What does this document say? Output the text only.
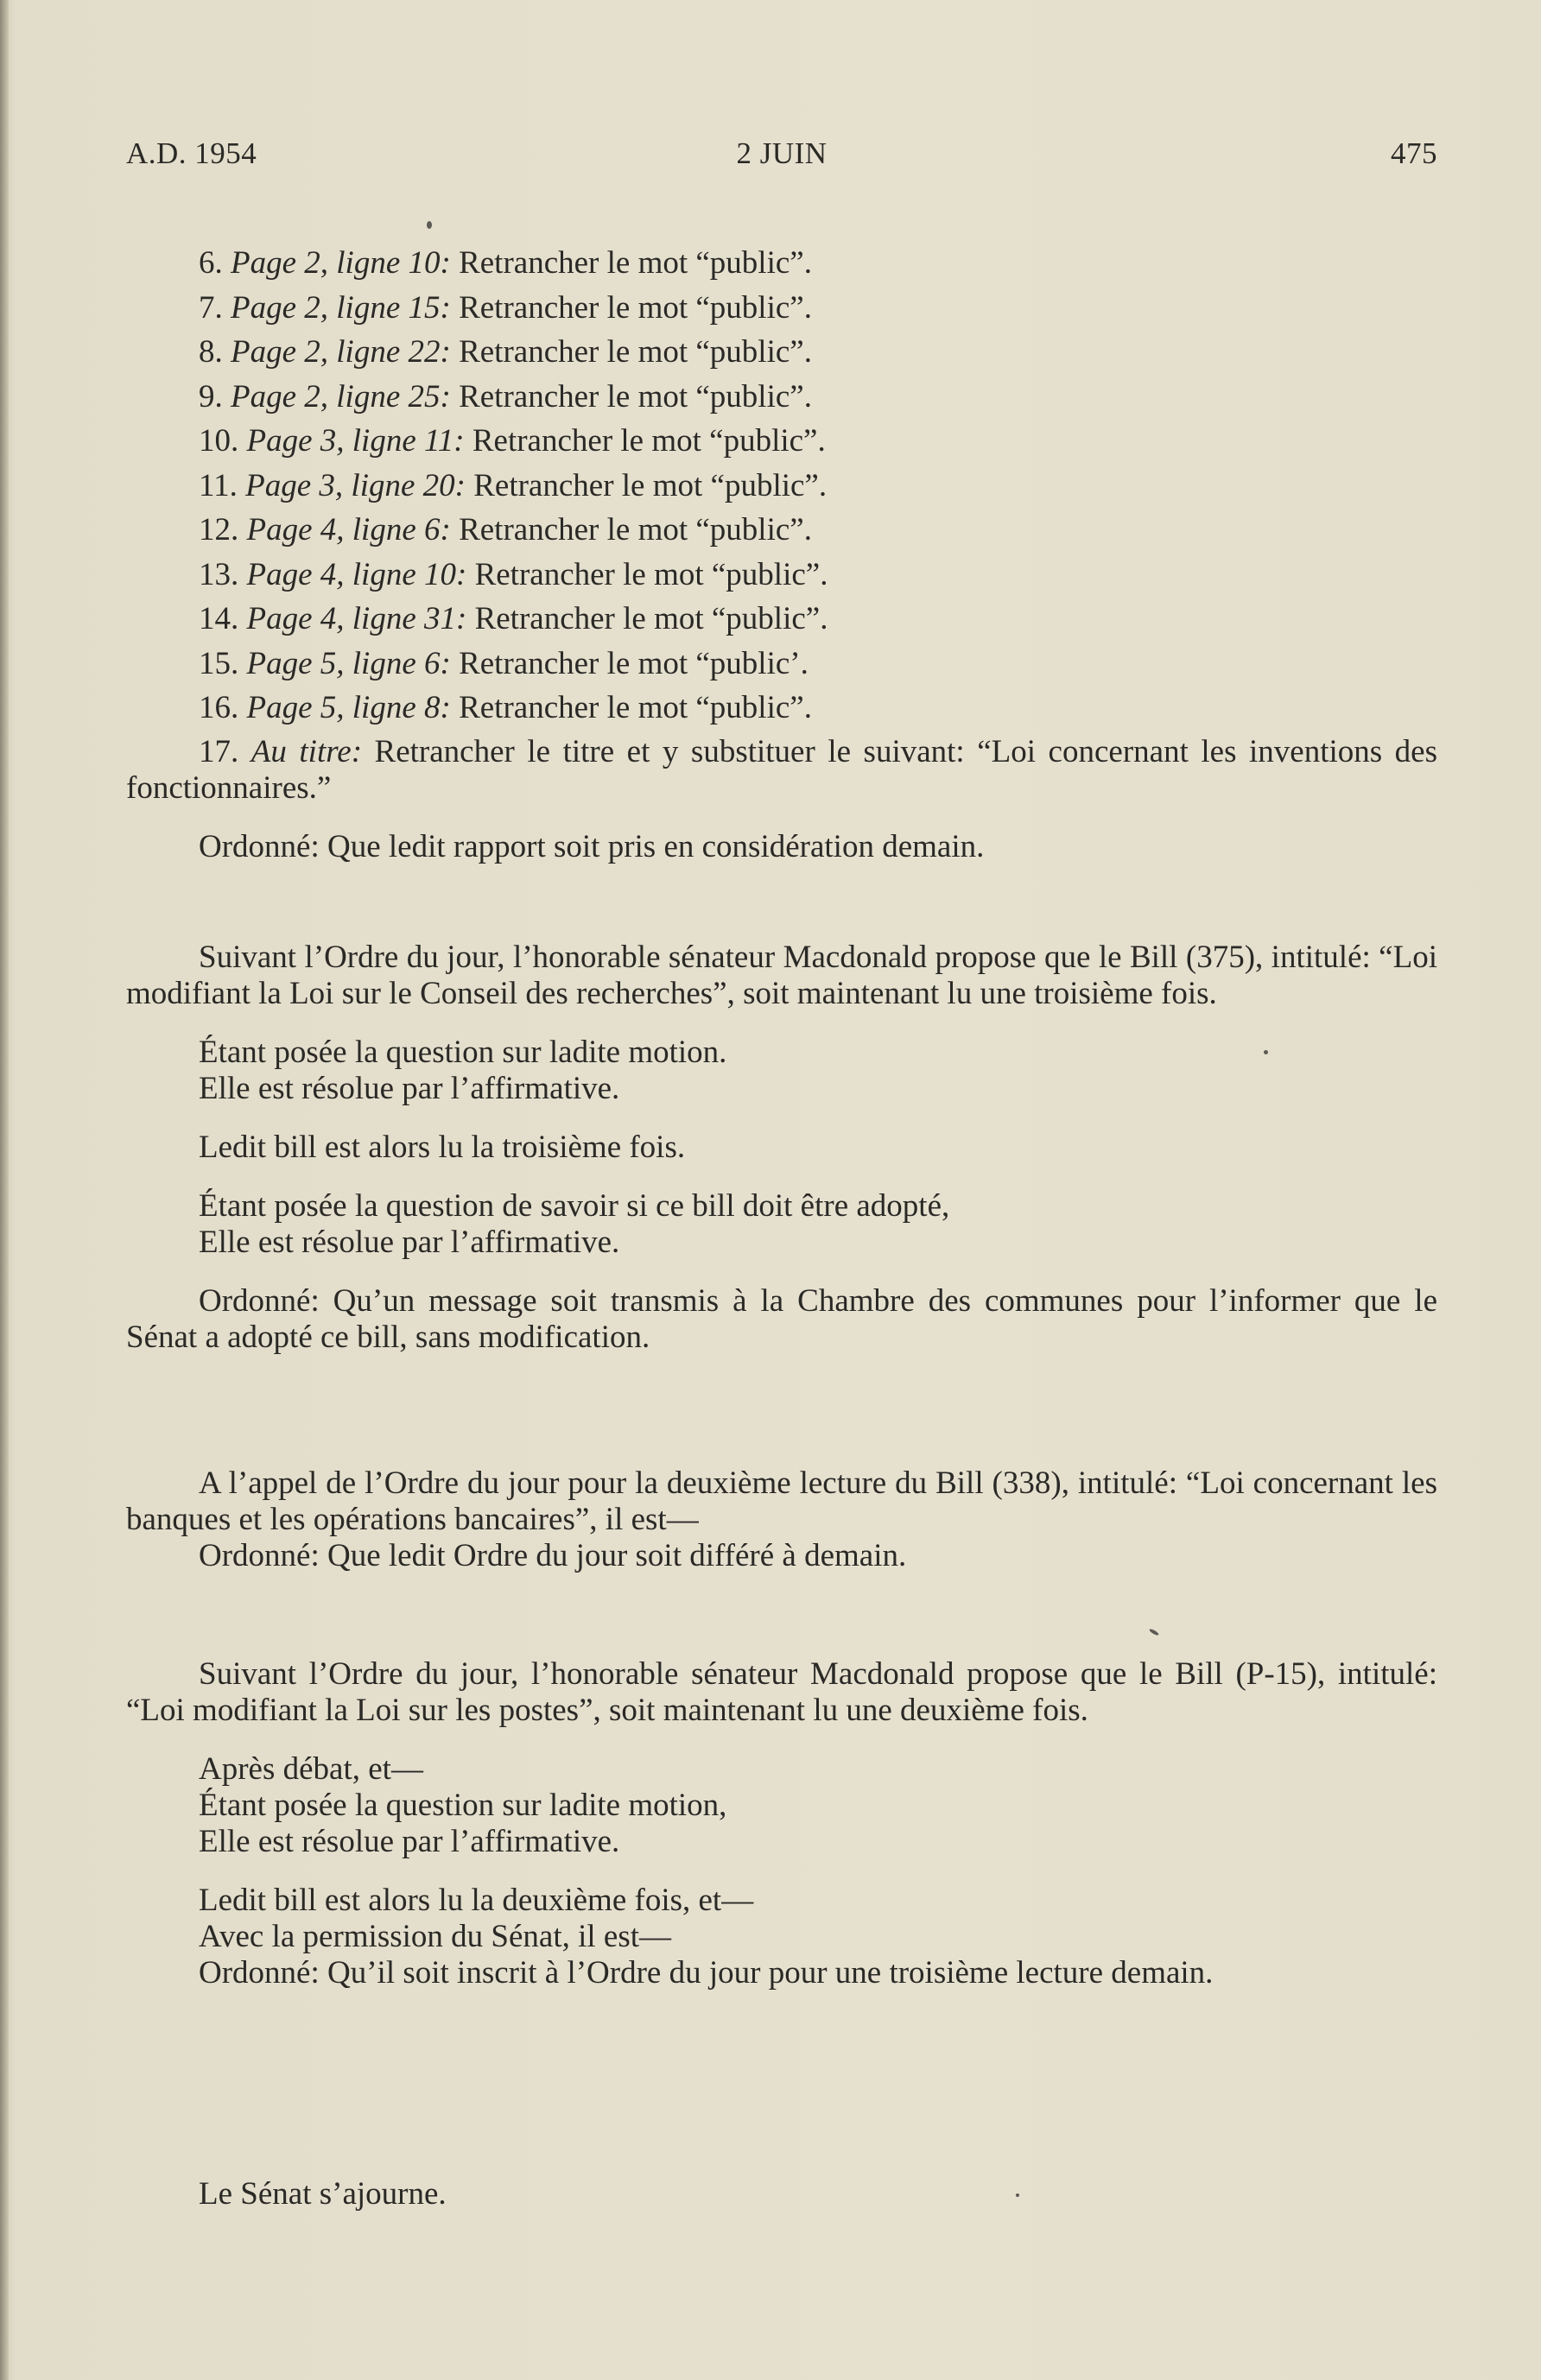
A.D. 1954	2 JUIN	475
6. Page 2, ligne 10: Retrancher le mot “public”.
7. Page 2, ligne 15: Retrancher le mot “public”.
8. Page 2, ligne 22: Retrancher le mot “public”.
9. Page 2, ligne 25: Retrancher le mot “public”.
10. Page 3, ligne 11: Retrancher le mot “public”.
11. Page 3, ligne 20: Retrancher le mot “public”.
12. Page 4, ligne 6: Retrancher le mot “public”.
13. Page 4, ligne 10: Retrancher le mot “public”.
14. Page 4, ligne 31: Retrancher le mot “public”.
15. Page 5, ligne 6: Retrancher le mot “public’.
16. Page 5, ligne 8: Retrancher le mot “public”.
17. Au titre: Retrancher le titre et y substituer le suivant: “Loi concernant les inventions des fonctionnaires.”
Ordonné: Que ledit rapport soit pris en considération demain.
Suivant l’Ordre du jour, l’honorable sénateur Macdonald propose que le Bill (375), intitulé: “Loi modifiant la Loi sur le Conseil des recherches”, soit maintenant lu une troisième fois.
Étant posée la question sur ladite motion.
Elle est résolue par l’affirmative.
Ledit bill est alors lu la troisième fois.
Étant posée la question de savoir si ce bill doit être adopté,
Elle est résolue par l’affirmative.
Ordonné: Qu’un message soit transmis à la Chambre des communes pour l’informer que le Sénat a adopté ce bill, sans modification.
A l’appel de l’Ordre du jour pour la deuxième lecture du Bill (338), intitulé: “Loi concernant les banques et les opérations bancaires”, il est—
Ordonné: Que ledit Ordre du jour soit différé à demain.
Suivant l’Ordre du jour, l’honorable sénateur Macdonald propose que le Bill (P-15), intitulé: “Loi modifiant la Loi sur les postes”, soit maintenant lu une deuxième fois.
Après débat, et—
Étant posée la question sur ladite motion,
Elle est résolue par l’affirmative.
Ledit bill est alors lu la deuxième fois, et—
Avec la permission du Sénat, il est—
Ordonné: Qu’il soit inscrit à l’Ordre du jour pour une troisième lecture demain.
Le Sénat s’ajourne.
